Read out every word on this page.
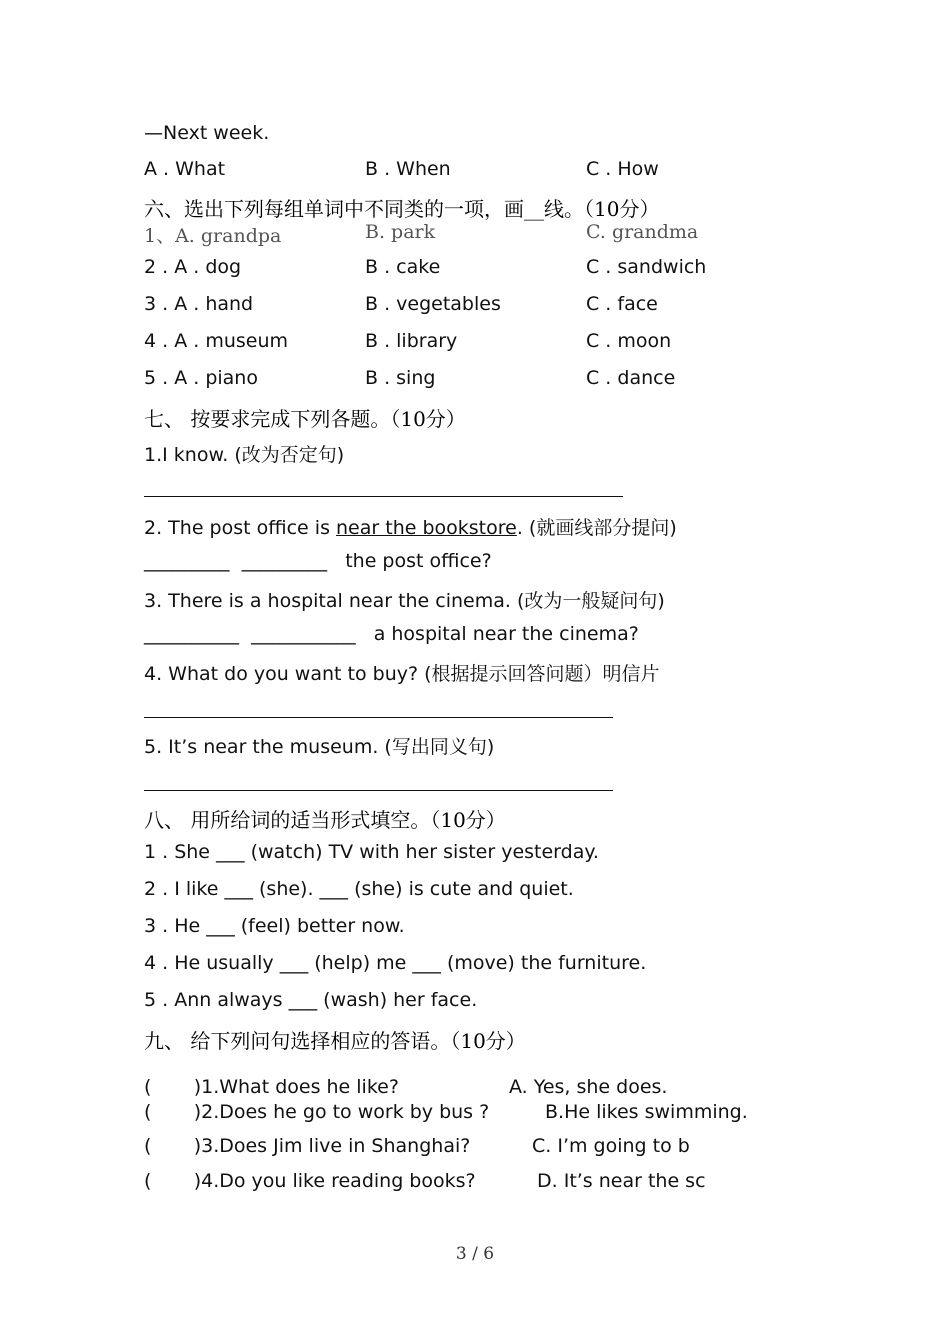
—Next week.
A . What	B . When	C . How
六、选出下列每组单词中不同类的一项，画__线。（10分）
1、A. grandpa	B. park	C. grandma
2 . A . dog	B . cake	C . sandwich
3 . A . hand	B . vegetables	C . face
4 . A . museum	B . library	C . moon
5 . A . piano	B . sing	C . dance
七、 按要求完成下列各题。（10分）
1.I know. (改为否定句)
2. The post office is near the bookstore. (就画线部分提问)
_________  _________   the post office?
3. There is a hospital near the cinema. (改为一般疑问句)
__________  ___________   a hospital near the cinema?
4. What do you want to buy? (根据提示回答问题）明信片
5. It’s near the museum. (写出同义句)
八、 用所给词的适当形式填空。（10分）
1 . She ___ (watch) TV with her sister yesterday.
2 . I like ___ (she). ___ (she) is cute and quiet.
3 . He ___ (feel) better now.
4 . He usually ___ (help) me ___ (move) the furniture.
5 . Ann always ___ (wash) her face.
九、 给下列问句选择相应的答语。（10分）
(       )1.What does he like?	A. Yes, she does.
(       )2.Does he go to work by bus ?	B.He likes swimming.
(       )3.Does Jim live in Shanghai?	C. I’m going to b
(       )4.Do you like reading books?	D. It’s near the sc
3 / 6
